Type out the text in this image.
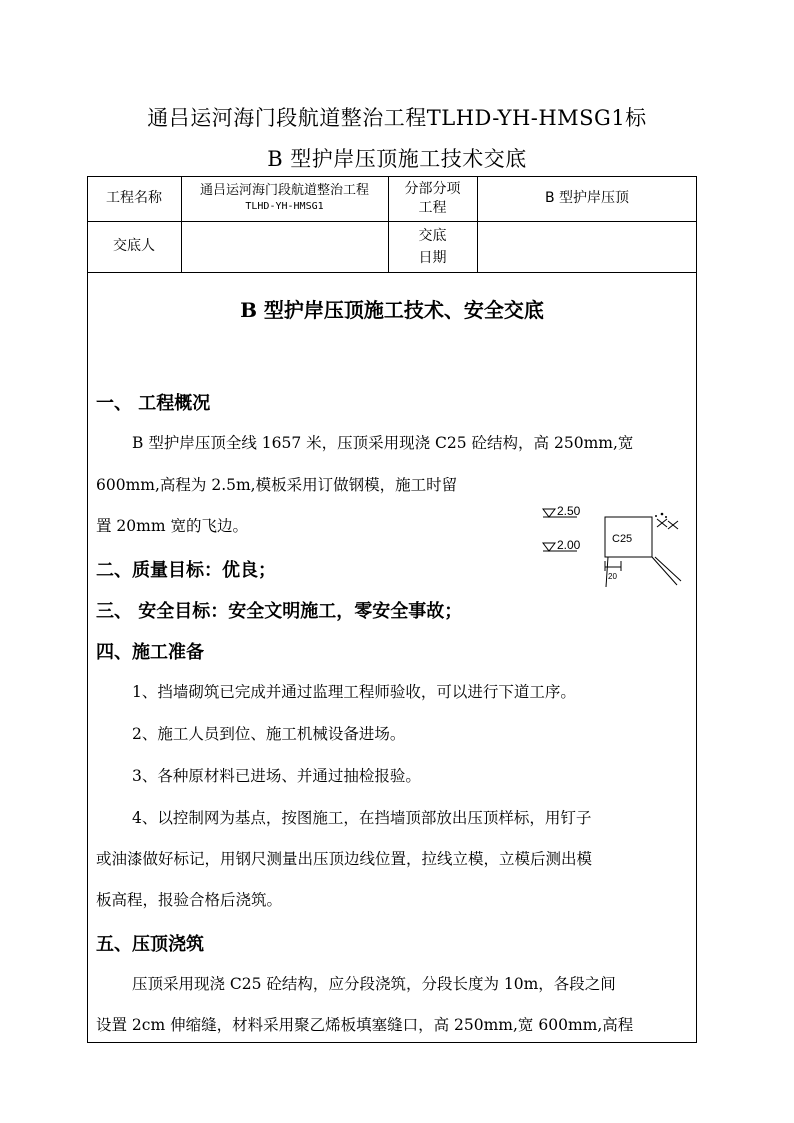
通吕运河海门段航道整治工程TLHD-YH-HMSG1标
B 型护岸压顶施工技术交底
工程名称	通吕运河海门段航道整治工程
TLHD-YH-HMSG1
分部分项
工程
B 型护岸压顶
交底人
交底
日期
B 型护岸压顶施工技术、安全交底
一、 工程概况
B 型护岸压顶全线 1657 米，压顶采用现浇 C25 砼结构，高 250mm,宽
600mm,高程为 2.5m,模板采用订做钢模，施工时留
置 20mm 宽的飞边。
2.50
2.00	C25
20
二、质量目标：优良；
三、 安全目标：安全文明施工，零安全事故；
四、施工准备
1、挡墙砌筑已完成并通过监理工程师验收，可以进行下道工序。
2、施工人员到位、施工机械设备进场。
3、各种原材料已进场、并通过抽检报验。
4、以控制网为基点，按图施工，在挡墙顶部放出压顶样标，用钉子
或油漆做好标记，用钢尺测量出压顶边线位置，拉线立模，立模后测出模
板高程，报验合格后浇筑。
五、压顶浇筑
压顶采用现浇 C25 砼结构，应分段浇筑，分段长度为 10m，各段之间
设置 2cm 伸缩缝，材料采用聚乙烯板填塞缝口，高 250mm,宽 600mm,高程
